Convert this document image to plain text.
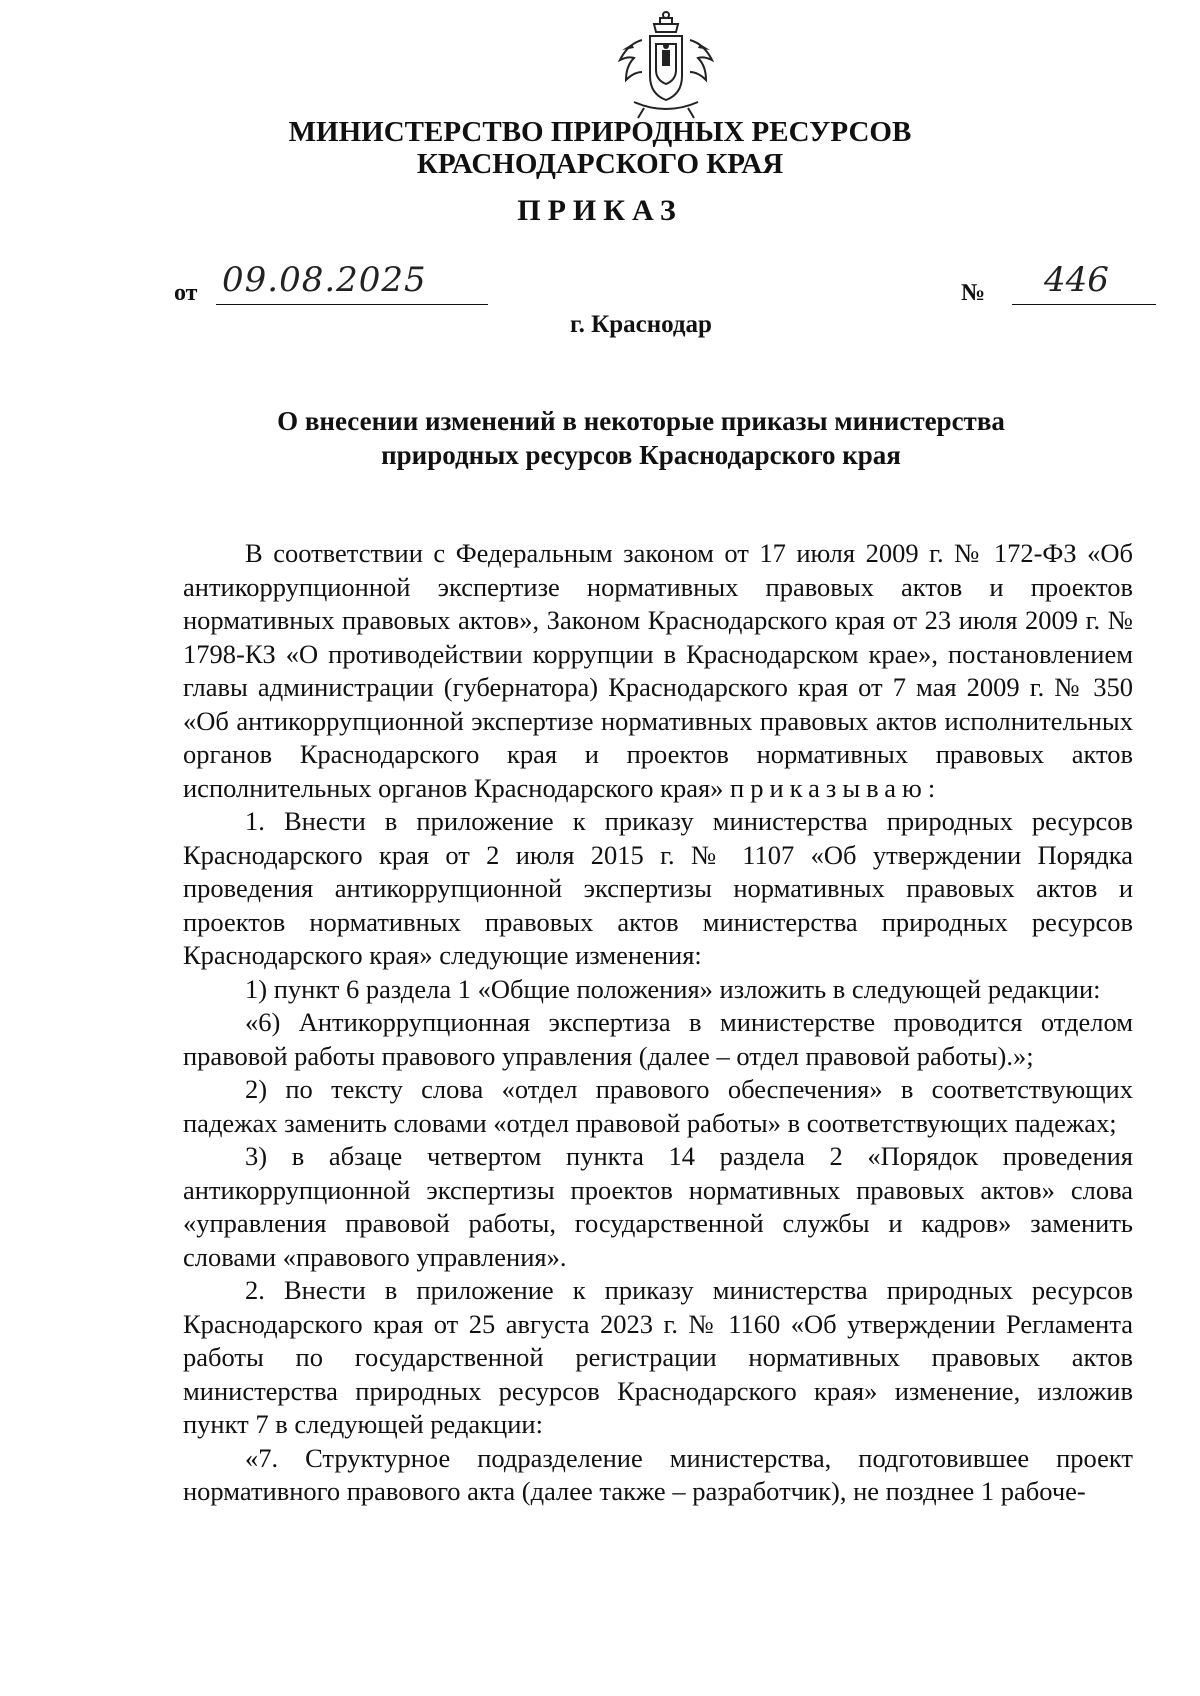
МИНИСТЕРСТВО ПРИРОДНЫХ РЕСУРСОВ
КРАСНОДАРСКОГО КРАЯ
ПРИКАЗ
от 09.08.2025	№ 446
г. Краснодар
О внесении изменений в некоторые приказы министерства
природных ресурсов Краснодарского края

В соответствии с Федеральным законом от 17 июля 2009 г. № 172-ФЗ «Об антикоррупционной экспертизе нормативных правовых актов и проектов нормативных правовых актов», Законом Краснодарского края от 23 июля 2009 г. № 1798-КЗ «О противодействии коррупции в Краснодарском крае», постановлением главы администрации (губернатора) Краснодарского края от 7 мая 2009 г. № 350 «Об антикоррупционной экспертизе нормативных правовых актов исполнительных органов Краснодарского края и проектов нормативных правовых актов исполнительных органов Краснодарского края» приказываю:

1. Внести в приложение к приказу министерства природных ресурсов Краснодарского края от 2 июля 2015 г. № 1107 «Об утверждении Порядка проведения антикоррупционной экспертизы нормативных правовых актов и проектов нормативных правовых актов министерства природных ресурсов Краснодарского края» следующие изменения:

1) пункт 6 раздела 1 «Общие положения» изложить в следующей редакции:

«6) Антикоррупционная экспертиза в министерстве проводится отделом правовой работы правового управления (далее – отдел правовой работы).»;

2) по тексту слова «отдел правового обеспечения» в соответствующих падежах заменить словами «отдел правовой работы» в соответствующих падежах;

3) в абзаце четвертом пункта 14 раздела 2 «Порядок проведения антикоррупционной экспертизы проектов нормативных правовых актов» слова «управления правовой работы, государственной службы и кадров» заменить словами «правового управления».

2. Внести в приложение к приказу министерства природных ресурсов Краснодарского края от 25 августа 2023 г. № 1160 «Об утверждении Регламента работы по государственной регистрации нормативных правовых актов министерства природных ресурсов Краснодарского края» изменение, изложив пункт 7 в следующей редакции:

«7. Структурное подразделение министерства, подготовившее проект нормативного правового акта (далее также – разработчик), не позднее 1 рабоче-
